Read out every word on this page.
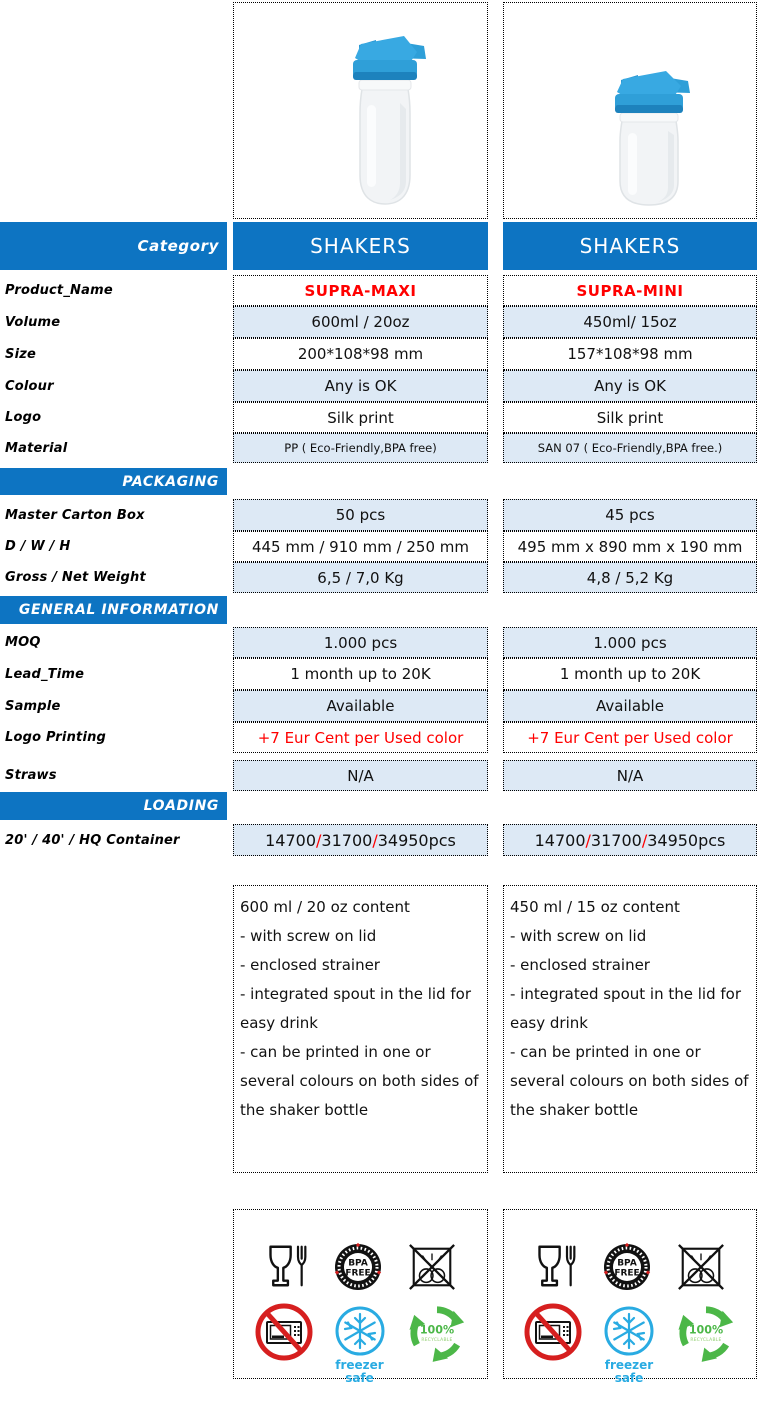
Category	SHAKERS	SHAKERS
Product_Name	SUPRA-MAXI	SUPRA-MINI
Volume	600ml / 20oz	450ml/ 15oz
Size	200*108*98 mm	157*108*98 mm
Colour	Any is OK	Any is OK
Logo	Silk print	Silk print
Material	PP ( Eco-Friendly,BPA free)	SAN 07 ( Eco-Friendly,BPA free.)
PACKAGING
Master Carton Box	50 pcs	45 pcs
D / W / H	445 mm / 910 mm / 250 mm	495 mm x 890 mm x 190 mm
Gross / Net Weight	6,5 / 7,0 Kg	4,8 / 5,2 Kg
GENERAL INFORMATION
MOQ	1.000 pcs	1.000 pcs
Lead_Time	1 month up to 20K	1 month up to 20K
Sample	Available	Available
Logo Printing	+7 Eur Cent per Used color	+7 Eur Cent per Used color
Straws	N/A	N/A
LOADING
20' / 40' / HQ Container	14700 / 31700 / 34950pcs	14700 / 31700 / 34950pcs
600 ml / 20 oz content
- with screw on lid
- enclosed strainer
- integrated spout in the lid for easy drink
- can be printed in one or several colours on both sides of the shaker bottle
450 ml / 15 oz content
- with screw on lid
- enclosed strainer
- integrated spout in the lid for easy drink
- can be printed in one or several colours on both sides of the shaker bottle
BPA
FREE
freezer
safe
100%
RECYCLABLE
BPA
FREE
freezer
safe
100%
RECYCLABLE
